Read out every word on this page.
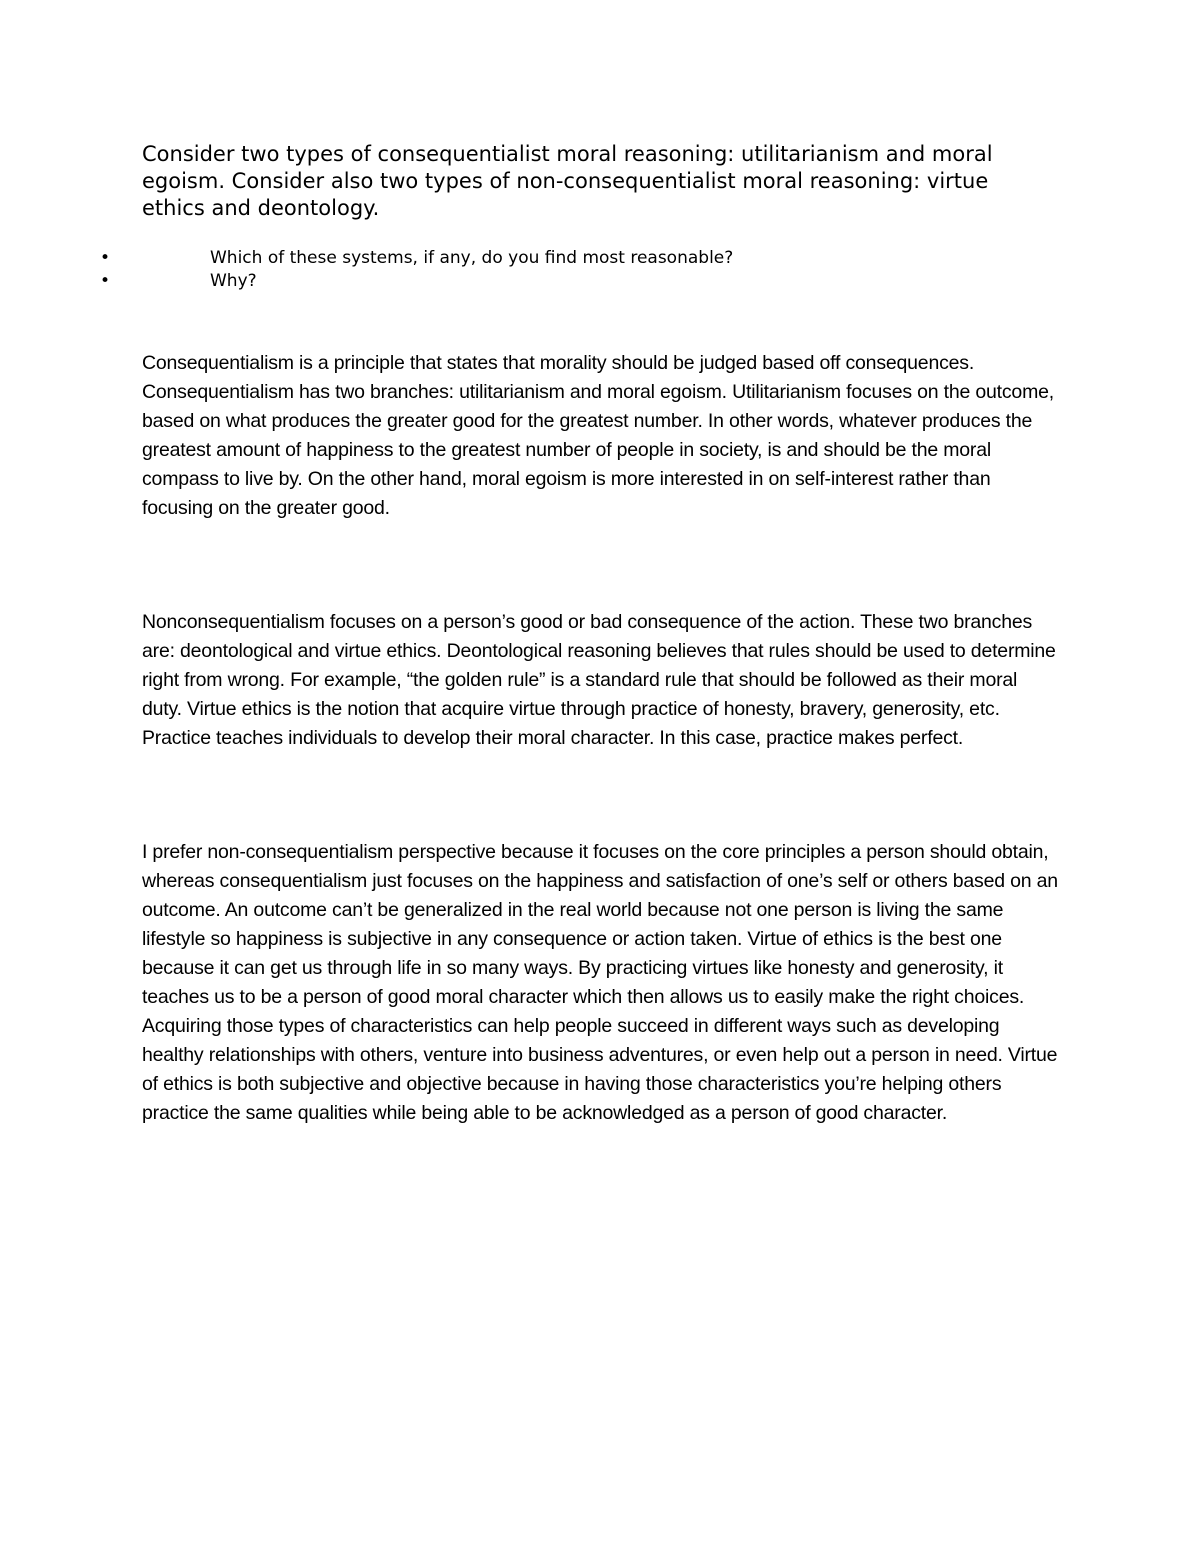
Consider two types of consequentialist moral reasoning: utilitarianism and moral egoism. Consider also two types of non-consequentialist moral reasoning: virtue ethics and deontology.

•	Which of these systems, if any, do you find most reasonable?
•	Why?

Consequentialism is a principle that states that morality should be judged based off consequences. Consequentialism has two branches: utilitarianism and moral egoism. Utilitarianism focuses on the outcome, based on what produces the greater good for the greatest number. In other words, whatever produces the greatest amount of happiness to the greatest number of people in society, is and should be the moral compass to live by. On the other hand, moral egoism is more interested in on self-interest rather than focusing on the greater good.

Nonconsequentialism focuses on a person’s good or bad consequence of the action. These two branches are: deontological and virtue ethics. Deontological reasoning believes that rules should be used to determine right from wrong. For example, “the golden rule” is a standard rule that should be followed as their moral duty. Virtue ethics is the notion that acquire virtue through practice of honesty, bravery, generosity, etc. Practice teaches individuals to develop their moral character. In this case, practice makes perfect.

I prefer non-consequentialism perspective because it focuses on the core principles a person should obtain, whereas consequentialism just focuses on the happiness and satisfaction of one’s self or others based on an outcome. An outcome can’t be generalized in the real world because not one person is living the same lifestyle so happiness is subjective in any consequence or action taken. Virtue of ethics is the best one because it can get us through life in so many ways. By practicing virtues like honesty and generosity, it teaches us to be a person of good moral character which then allows us to easily make the right choices. Acquiring those types of characteristics can help people succeed in different ways such as developing healthy relationships with others, venture into business adventures, or even help out a person in need. Virtue of ethics is both subjective and objective because in having those characteristics you’re helping others practice the same qualities while being able to be acknowledged as a person of good character.
